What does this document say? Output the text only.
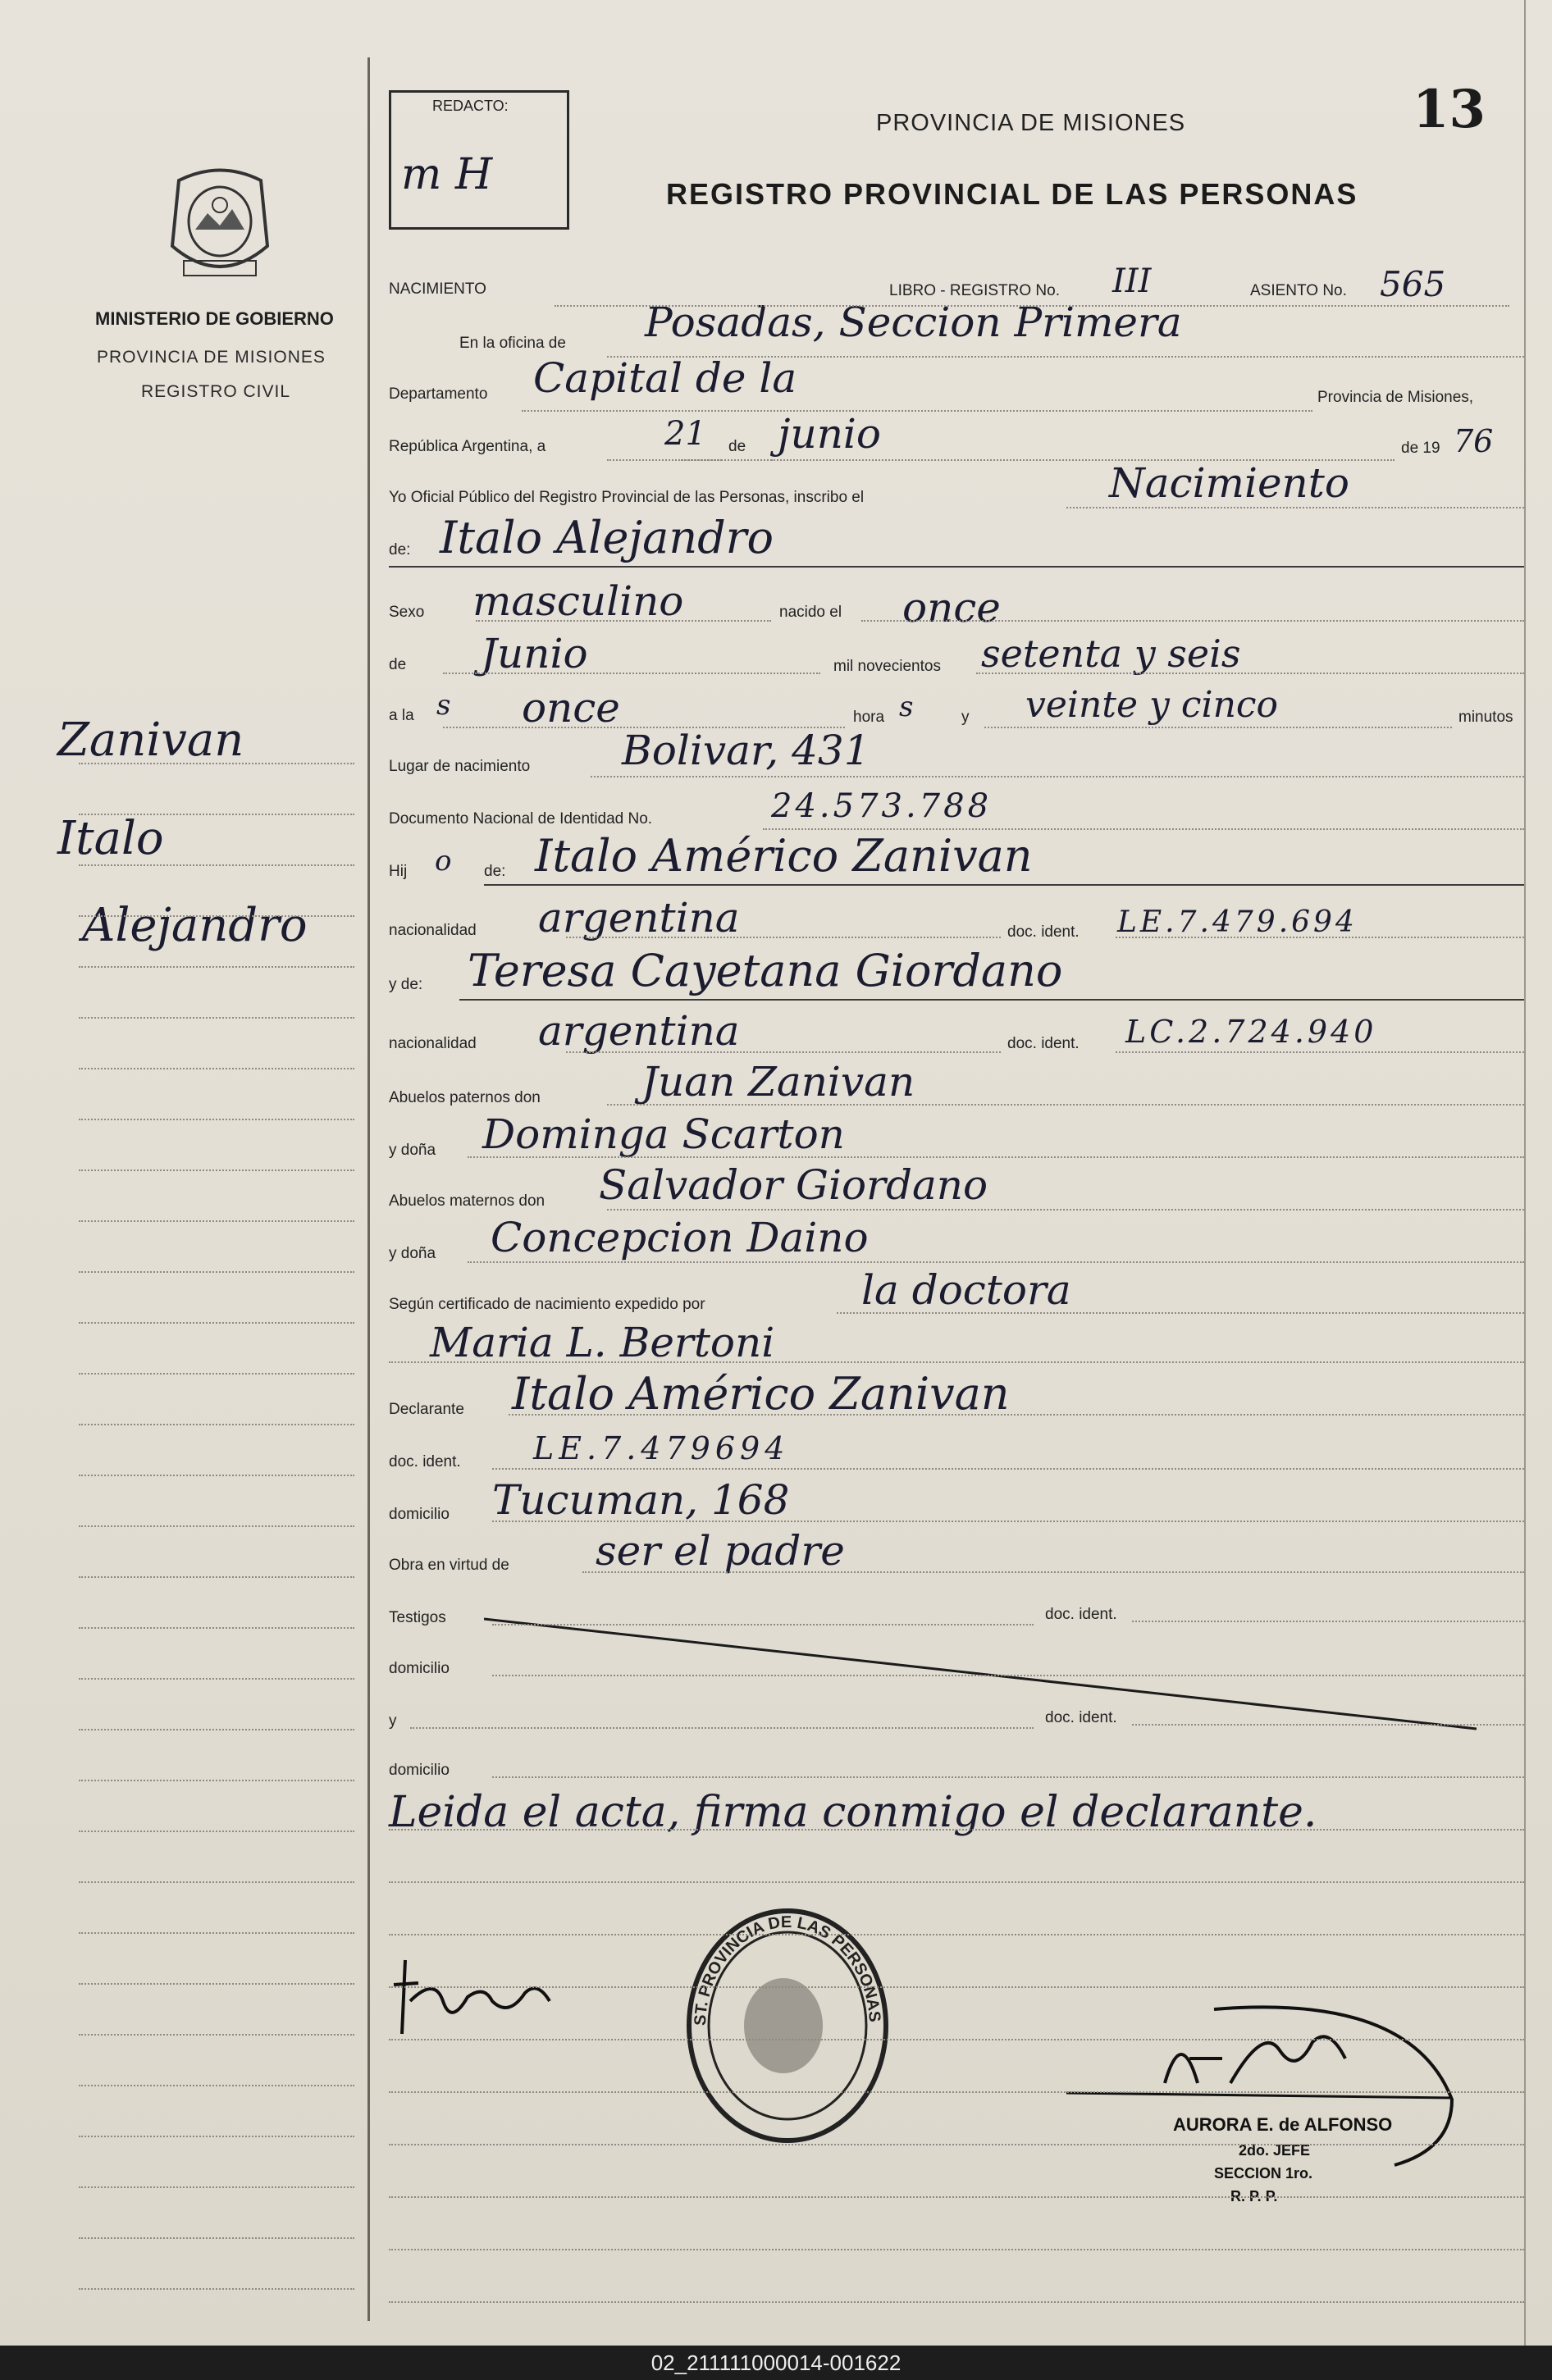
13
REDACTO:
m H
PROVINCIA DE MISIONES
REGISTRO PROVINCIAL DE LAS PERSONAS
MINISTERIO DE GOBIERNO
PROVINCIA DE MISIONES
REGISTRO CIVIL
Zanivan
Italo
Alejandro
NACIMIENTO	LIBRO - REGISTRO No. III	ASIENTO No. 565
En la oficina de Posadas, Seccion Primera
Departamento Capital de la	Provincia de Misiones,
República Argentina, a	21 de junio	de 19 76
Yo Oficial Público del Registro Provincial de las Personas, inscribo el	Nacimiento
de: Italo Alejandro
Sexo masculino	nacido el once
de Junio	mil novecientos setenta y seis
a la s once	hora s	y veinte y cinco	minutos
Lugar de nacimiento Bolivar, 431
Documento Nacional de Identidad No.	24.573.788
Hij o de: Italo Américo Zanivan
nacionalidad argentina	doc. ident. LE.7.479.694
y de: Teresa Cayetana Giordano
nacionalidad argentina	doc. ident. LC.2.724.940
Abuelos paternos don Juan Zanivan
y doña Dominga Scarton
Abuelos maternos don Salvador Giordano
y doña Concepcion Daino
Según certificado de nacimiento expedido por	la doctora
Maria L. Bertoni
Declarante Italo Américo Zanivan
doc. ident. LE.7.479694
domicilio Tucuman, 168
Obra en virtud de ser el padre
Testigos	doc. ident.
domicilio
y	doc. ident.
domicilio
Leida el acta, firma conmigo el declarante.
ST. PROVINCIA DE LAS PERSONAS
AURORA E. de ALFONSO
2do. JEFE
SECCION 1ro.
R. P. P.
02_211111000014-001622
